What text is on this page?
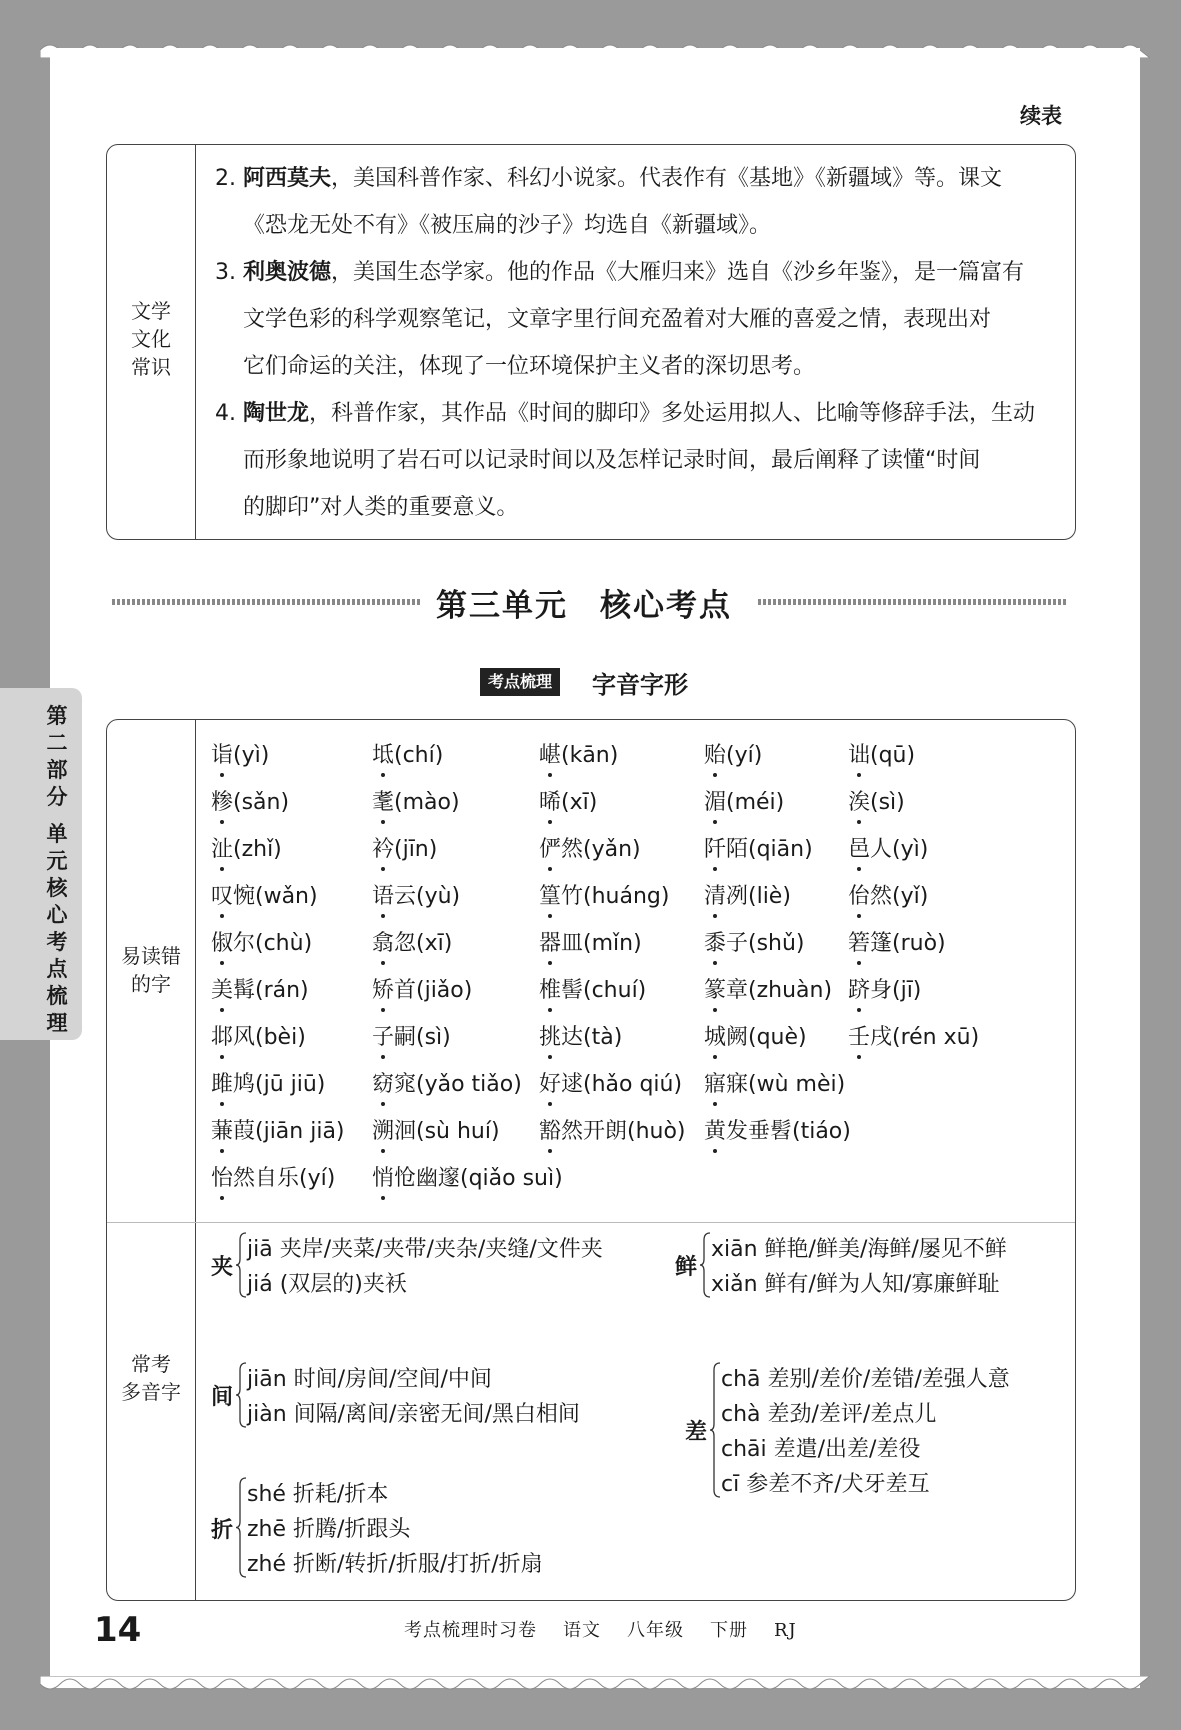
续表
文学
文化
常识

2. 阿西莫夫，美国科普作家、科幻小说家。代表作有《基地》《新疆域》等。课文

《恐龙无处不有》《被压扁的沙子》均选自《新疆域》。

3. 利奥波德，美国生态学家。他的作品《大雁归来》选自《沙乡年鉴》，是一篇富有

文学色彩的科学观察笔记，文章字里行间充盈着对大雁的喜爱之情，表现出对

它们命运的关注，体现了一位环境保护主义者的深切思考。

4. 陶世龙，科普作家，其作品《时间的脚印》多处运用拟人、比喻等修辞手法，生动

而形象地说明了岩石可以记录时间以及怎样记录时间，最后阐释了读懂“时间

的脚印”对人类的重要意义。

第三单元 核心考点
考点梳理	字音字形
易读错
的字
常考
多音字
诣(yì)	坻(chí)	嵁(kān)	贻(yí)	诎(qū)
糁(sǎn)	耄(mào)	晞(xī)	湄(méi)	涘(sì)
沚(zhǐ)	衿(jīn)	俨然(yǎn)	阡陌(qiān) 邑人(yì)
叹惋(wǎn) 语云(yù)	篁竹(huáng) 清冽(liè)	佁然(yǐ)
俶尔(chù)	翕忽(xī)	器皿(mǐn)	黍子(shǔ) 箬篷(ruò)
美髯(rán)	矫首(jiǎo)	椎髻(chuí)	篆章(zhuàn) 跻身(jī)
邶风(bèi)	子嗣(sì)	挑达(tà)	城阙(què) 壬戌(rén xū)
雎鸠(jū jiū) 窈窕(yǎo tiǎo) 好逑(hǎo qiú) 寤寐(wù mèi)
蒹葭(jiān jiā) 溯洄(sù huí) 豁然开朗(huò) 黄发垂髫(tiáo)
怡然自乐(yí) 悄怆幽邃(qiǎo suì)
夹
jiā 夹岸/夹菜/夹带/夹杂/夹缝/文件夹
jiá (双层的)夹袄
鲜
xiān 鲜艳/鲜美/海鲜/屡见不鲜
xiǎn 鲜有/鲜为人知/寡廉鲜耻
间
jiān 时间/房间/空间/中间
jiàn 间隔/离间/亲密无间/黑白相间
差
chā 差别/差价/差错/差强人意
chà 差劲/差评/差点儿
chāi 差遣/出差/差役
cī 参差不齐/犬牙差互
折
shé 折耗/折本
zhē 折腾/折跟头
zhé 折断/转折/折服/打折/折扇
第
二
部
分

单
元
核
心
考
点
梳
理
14	考点梳理时习卷 语文 八年级 下册 RJ
